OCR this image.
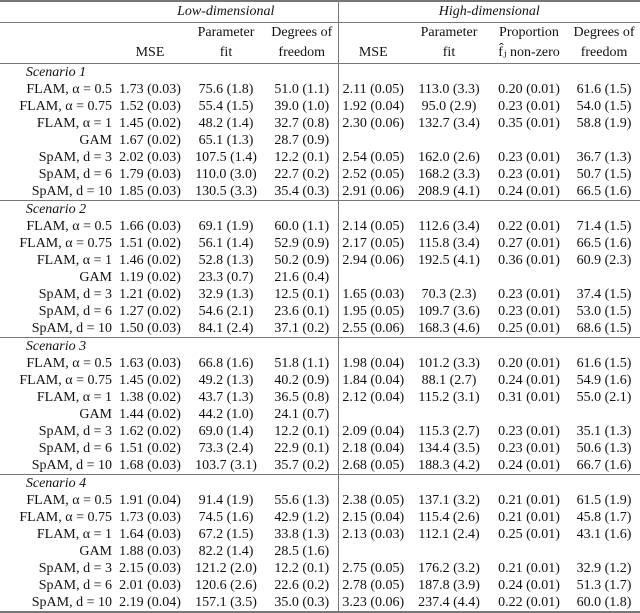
	Low-dimensional			High-dimensional			
		Parameter	Degrees of		Parameter	Proportion	Degrees of
	MSE	fit	freedom	MSE	fit	f̂ⱼ non-zero	freedom
Scenario 1							
FLAM, α = 0.5	1.73 (0.03)	75.6 (1.8)	51.0 (1.1)	2.11 (0.05)	113.0 (3.3)	0.20 (0.01)	61.6 (1.5)
FLAM, α = 0.75	1.52 (0.03)	55.4 (1.5)	39.0 (1.0)	1.92 (0.04)	95.0 (2.9)	0.23 (0.01)	54.0 (1.5)
FLAM, α = 1	1.45 (0.02)	48.2 (1.4)	32.7 (0.8)	2.30 (0.06)	132.7 (3.4)	0.35 (0.01)	58.8 (1.9)
GAM	1.67 (0.02)	65.1 (1.3)	28.7 (0.9)				
SpAM, d = 3	2.02 (0.03)	107.5 (1.4)	12.2 (0.1)	2.54 (0.05)	162.0 (2.6)	0.23 (0.01)	36.7 (1.3)
SpAM, d = 6	1.79 (0.03)	110.0 (3.0)	22.7 (0.2)	2.52 (0.05)	168.2 (3.3)	0.23 (0.01)	50.7 (1.5)
SpAM, d = 10	1.85 (0.03)	130.5 (3.3)	35.4 (0.3)	2.91 (0.06)	208.9 (4.1)	0.24 (0.01)	66.5 (1.6)
Scenario 2							
FLAM, α = 0.5	1.66 (0.03)	69.1 (1.9)	60.0 (1.1)	2.14 (0.05)	112.6 (3.4)	0.22 (0.01)	71.4 (1.5)
FLAM, α = 0.75	1.51 (0.02)	56.1 (1.4)	52.9 (0.9)	2.17 (0.05)	115.8 (3.4)	0.27 (0.01)	66.5 (1.6)
FLAM, α = 1	1.46 (0.02)	52.8 (1.3)	50.2 (0.9)	2.94 (0.06)	192.5 (4.1)	0.36 (0.01)	60.9 (2.3)
GAM	1.19 (0.02)	23.3 (0.7)	21.6 (0.4)				
SpAM, d = 3	1.21 (0.02)	32.9 (1.3)	12.5 (0.1)	1.65 (0.03)	70.3 (2.3)	0.23 (0.01)	37.4 (1.5)
SpAM, d = 6	1.27 (0.02)	54.6 (2.1)	23.6 (0.1)	1.95 (0.05)	109.7 (3.6)	0.23 (0.01)	53.0 (1.5)
SpAM, d = 10	1.50 (0.03)	84.1 (2.4)	37.1 (0.2)	2.55 (0.06)	168.3 (4.6)	0.25 (0.01)	68.6 (1.5)
Scenario 3							
FLAM, α = 0.5	1.63 (0.03)	66.8 (1.6)	51.8 (1.1)	1.98 (0.04)	101.2 (3.3)	0.20 (0.01)	61.6 (1.5)
FLAM, α = 0.75	1.45 (0.02)	49.2 (1.3)	40.2 (0.9)	1.84 (0.04)	88.1 (2.7)	0.24 (0.01)	54.9 (1.6)
FLAM, α = 1	1.38 (0.02)	43.7 (1.3)	36.5 (0.8)	2.12 (0.04)	115.2 (3.1)	0.31 (0.01)	55.0 (2.1)
GAM	1.44 (0.02)	44.2 (1.0)	24.1 (0.7)				
SpAM, d = 3	1.62 (0.02)	69.0 (1.4)	12.2 (0.1)	2.09 (0.04)	115.3 (2.7)	0.23 (0.01)	35.1 (1.3)
SpAM, d = 6	1.51 (0.02)	73.3 (2.4)	22.9 (0.1)	2.18 (0.04)	134.4 (3.5)	0.23 (0.01)	50.6 (1.3)
SpAM, d = 10	1.68 (0.03)	103.7 (3.1)	35.7 (0.2)	2.68 (0.05)	188.3 (4.2)	0.24 (0.01)	66.7 (1.6)
Scenario 4							
FLAM, α = 0.5	1.91 (0.04)	91.4 (1.9)	55.6 (1.3)	2.38 (0.05)	137.1 (3.2)	0.21 (0.01)	61.5 (1.9)
FLAM, α = 0.75	1.73 (0.03)	74.5 (1.6)	42.9 (1.2)	2.15 (0.04)	115.4 (2.6)	0.21 (0.01)	45.8 (1.7)
FLAM, α = 1	1.64 (0.03)	67.2 (1.5)	33.8 (1.3)	2.13 (0.03)	112.1 (2.4)	0.25 (0.01)	43.1 (1.6)
GAM	1.88 (0.03)	82.2 (1.4)	28.5 (1.6)				
SpAM, d = 3	2.15 (0.03)	121.2 (2.0)	12.2 (0.1)	2.75 (0.05)	176.2 (3.2)	0.21 (0.01)	32.9 (1.2)
SpAM, d = 6	2.01 (0.03)	120.6 (2.6)	22.6 (0.2)	2.78 (0.05)	187.8 (3.9)	0.24 (0.01)	51.3 (1.7)
SpAM, d = 10	2.19 (0.04)	157.1 (3.5)	35.0 (0.3)	3.23 (0.06)	237.4 (4.4)	0.22 (0.01)	60.0 (1.8)
